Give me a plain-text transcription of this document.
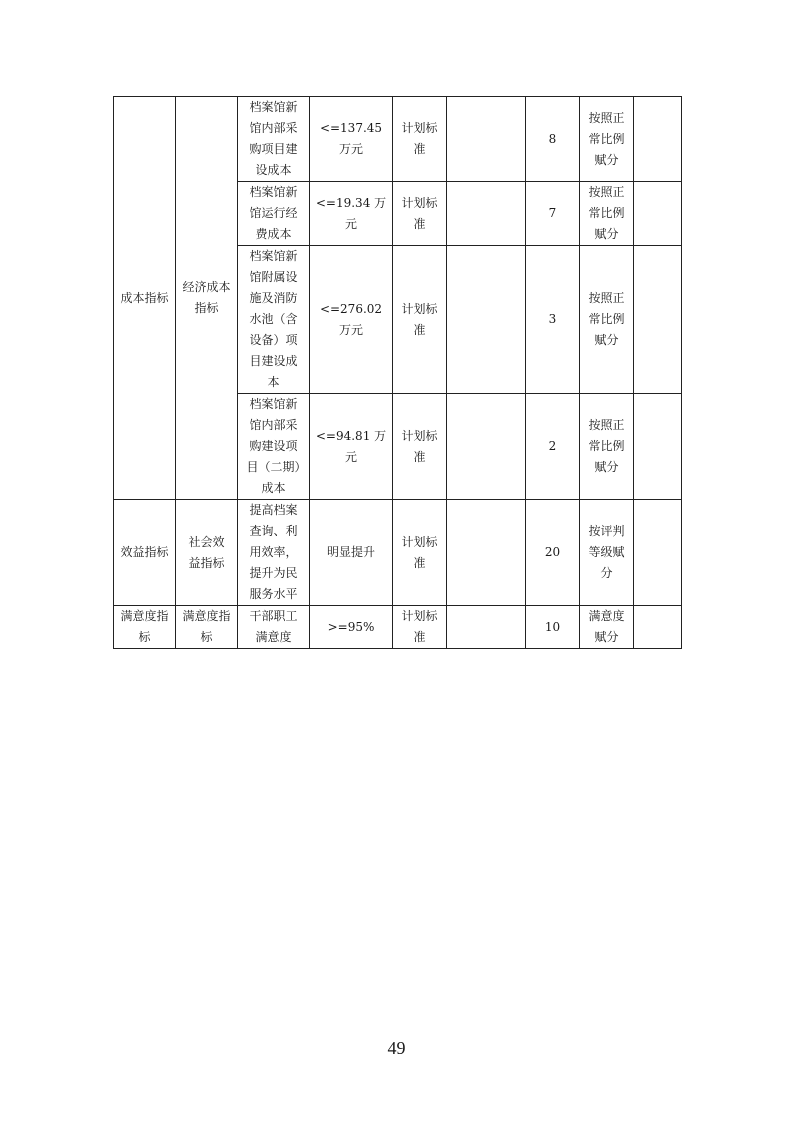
成本指标	经济成本指标	档案馆新馆内部采购项目建设成本	<=137.45 万元	计划标准		8	按照正常比例赋分	
		档案馆新馆运行经费成本	<=19.34 万元	计划标准		7	按照正常比例赋分	
		档案馆新馆附属设施及消防水池（含设备）项目建设成本	<=276.02 万元	计划标准		3	按照正常比例赋分	
		档案馆新馆内部采购建设项目（二期）成本	<=94.81 万元	计划标准		2	按照正常比例赋分	
效益指标	社会效益指标	提高档案查询、利用效率，提升为民服务水平	明显提升	计划标准		20	按评判等级赋分	
满意度指标	满意度指标	干部职工满意度	>=95%	计划标准		10	满意度赋分	
49
